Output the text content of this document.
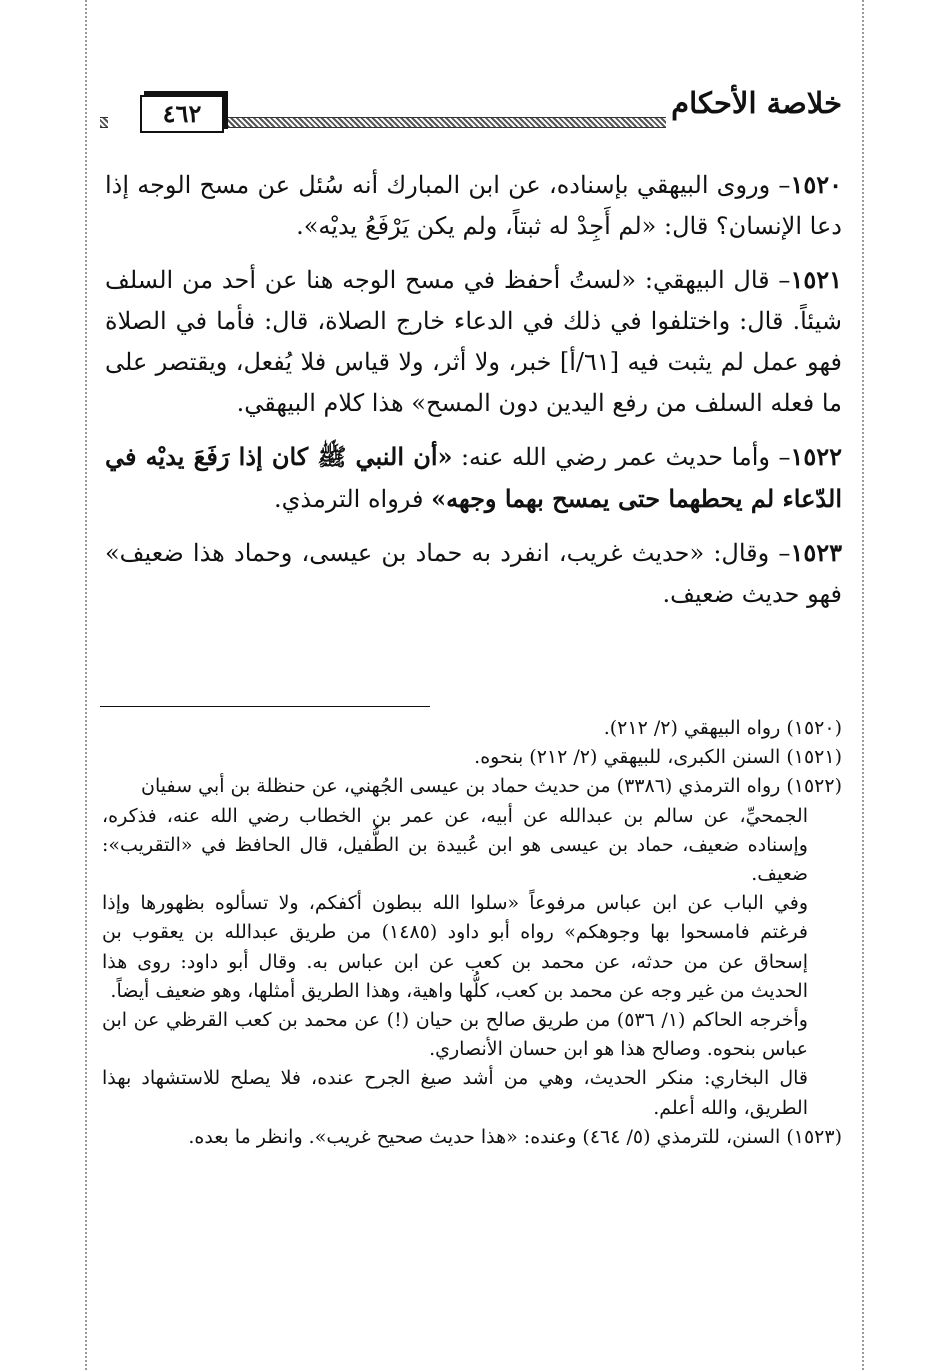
خلاصة الأحكام
٤٦٢

١٥٢٠– وروى البيهقي بإسناده، عن ابن المبارك أنه سُئل عن مسح الوجه إذا دعا الإنسان؟ قال: «لم أَجِدْ له ثبتاً، ولم يكن يَرْفَعُ يديْه».

١٥٢١– قال البيهقي: «لستُ أحفظ في مسح الوجه هنا عن أحد من السلف شيئاً. قال: واختلفوا في ذلك في الدعاء خارج الصلاة، قال: فأما في الصلاة فهو عمل لم يثبت فيه [٦١/أ] خبر، ولا أثر، ولا قياس فلا يُفعل، ويقتصر على ما فعله السلف من رفع اليدين دون المسح» هذا كلام البيهقي.

١٥٢٢– وأما حديث عمر رضي الله عنه: «أن النبي ﷺ كان إذا رَفَعَ يديْه في الدّعاء لم يحطهما حتى يمسح بهما وجهه» فرواه الترمذي.

١٥٢٣– وقال: «حديث غريب، انفرد به حماد بن عيسى، وحماد هذا ضعيف» فهو حديث ضعيف.

(١٥٢٠) رواه البيهقي (٢/ ٢١٢).

(١٥٢١) السنن الكبرى، للبيهقي (٢/ ٢١٢) بنحوه.

(١٥٢٢) رواه الترمذي (٣٣٨٦) من حديث حماد بن عيسى الجُهني، عن حنظلة بن أبي سفيان

الجمحيِّ، عن سالم بن عبدالله عن أبيه، عن عمر بن الخطاب رضي الله عنه، فذكره، وإسناده ضعيف، حماد بن عيسى هو ابن عُبيدة بن الطُّفيل، قال الحافظ في «التقريب»: ضعيف.

وفي الباب عن ابن عباس مرفوعاً «سلوا الله ببطون أكفكم، ولا تسألوه بظهورها وإذا فرغتم فامسحوا بها وجوهكم» رواه أبو داود (١٤٨٥) من طريق عبدالله بن يعقوب بن إسحاق عن من حدثه، عن محمد بن كعب عن ابن عباس به. وقال أبو داود: روى هذا الحديث من غير وجه عن محمد بن كعب، كلُّها واهية، وهذا الطريق أمثلها، وهو ضعيف أيضاً.

وأخرجه الحاكم (١/ ٥٣٦) من طريق صالح بن حيان (!) عن محمد بن كعب القرظي عن ابن عباس بنحوه. وصالح هذا هو ابن حسان الأنصاري.

قال البخاري: منكر الحديث، وهي من أشد صيغ الجرح عنده، فلا يصلح للاستشهاد بهذا الطريق، والله أعلم.

(١٥٢٣) السنن، للترمذي (٥/ ٤٦٤) وعنده: «هذا حديث صحيح غريب». وانظر ما بعده.
